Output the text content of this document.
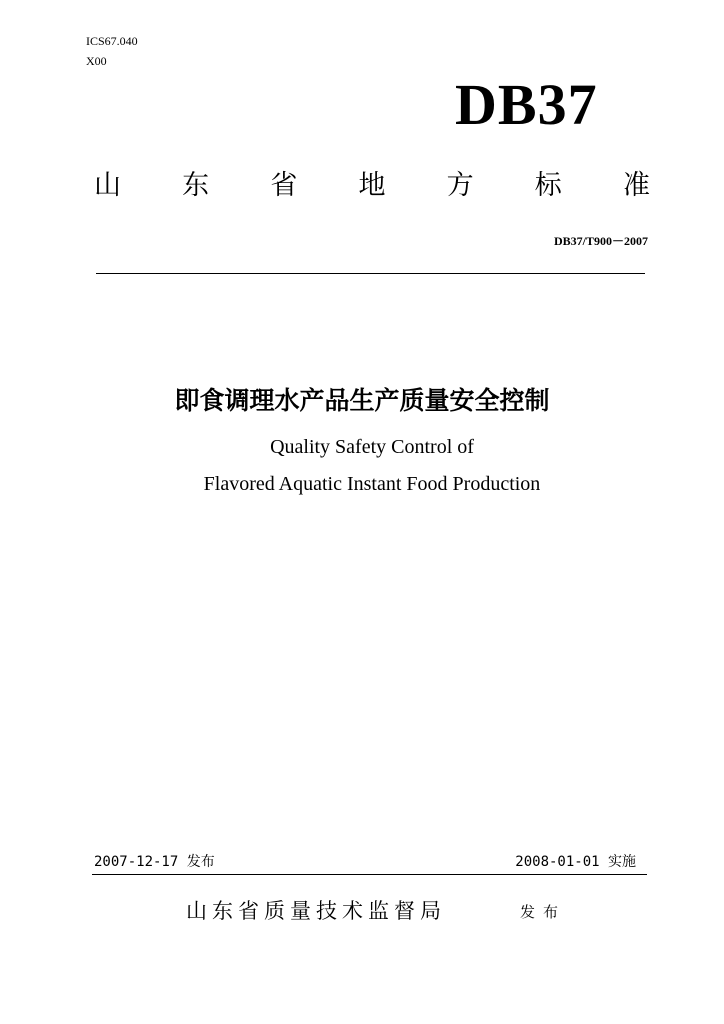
ICS67.040
X00
DB37
山 东 省 地 方 标 准
DB37/T900－2007
即食调理水产品生产质量安全控制
Quality Safety Control of
Flavored Aquatic Instant Food Production
2007-12-17 发布	2008-01-01 实施
山东省质量技术监督局	发布
